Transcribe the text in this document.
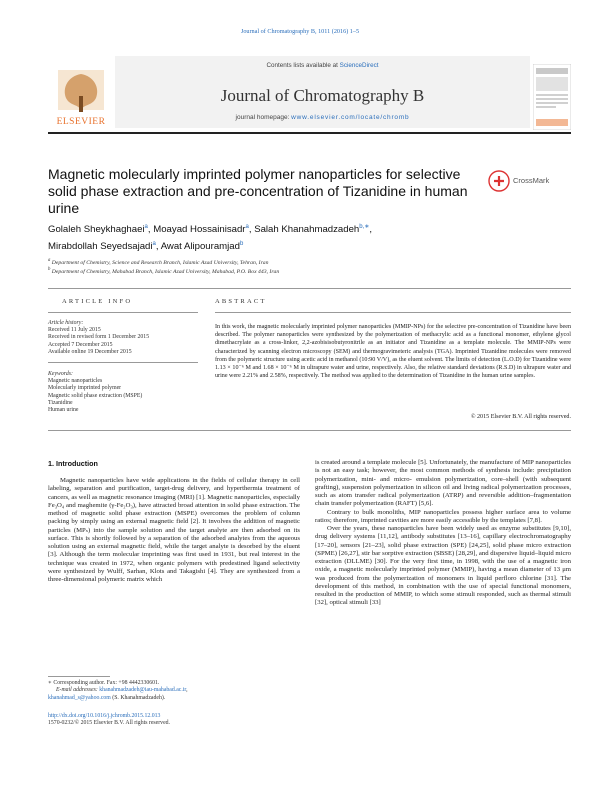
Journal of Chromatography B, 1011 (2016) 1–5
ELSEVIER
Contents lists available at ScienceDirect
Journal of Chromatography B
journal homepage: www.elsevier.com/locate/chromb
Magnetic molecularly imprinted polymer nanoparticles for selective solid phase extraction and pre-concentration of Tizanidine in human urine
CrossMark
Golaleh Sheykhaghaei$^a$, Moayad Hossainisadr$^a$, Salah Khanahmadzadeh$^{b,∗}$,
Mirabdollah Seyedsajadi$^a$, Awat Alipouramjad$^b$
$^a$ Department of Chemistry, Science and Research Branch, Islamic Azad University, Tehran, Iran
$^b$ Department of Chemistry, Mahabad Branch, Islamic Azad University, Mahabad, P.O. Box 443, Iran
ARTICLE INFO	ABSTRACT
Article history:
Received 11 July 2015
Received in revised form 1 December 2015
Accepted 7 December 2015
Available online 19 December 2015
Keywords:
Magnetic nanoparticles
Molecularly imprinted polymer
Magnetic solid phase extraction (MSPE)
Tizanidine
Human urine
In this work, the magnetic molecularly imprinted polymer nanoparticles (MMIP-NPs) for the selective pre-concentration of Tizanidine have been described. The polymer nanoparticles were synthesized by the polymerization of methacrylic acid as a functional monomer, ethylene glycol dimethacrylate as a cross-linker, 2,2-azobisisobutyronitrile as an initiator and Tizanidine as a template molecule. The MMIP-NPs were characterized by scanning electron microscopy (SEM) and thermogravimeteric analysis (TGA). Imprinted Tizanidine molecules were removed from the polymeric structure using acetic acid in methanol (10:90 V/V), as the eluent solvent. The limits of detection (L.O.D) for Tizanidine were 1.13 × 10⁻⁶ M and 1.68 × 10⁻⁶ M in ultrapure water and urine, respectively. Also, the relative standard deviations (R.S.D) in ultrapure water and urine were 2.21% and 2.58%, respectively. The method was applied to the determination of Tizanidine in the human urine samples.
© 2015 Elsevier B.V. All rights reserved.
1. Introduction

Magnetic nanoparticles have wide applications in the fields of cellular therapy in cell labeling, separation and purification, target-drug delivery, and hyperthermia treatment of cancers, as well as magnetic resonance imaging (MRI) [1]. Magnetic nanoparticles, especially Fe₃O₄ and maghemite (γ-Fe₂O₃), have attracted broad attention in solid phase extraction. The method of magnetic solid phase extraction (MSPE) overcomes the problem of column packing by simply using an external magnetic field [2]. It involves the addition of magnetic particles (MPₛ) into the sample solution and the target analyte are then adsorbed on its surface. This is shortly followed by a separation of the adsorbed analytes from the aqueous solution using an external magnetic field, while the target analyte is desorbed by the eluent [3]. Although the term molecular imprinting was first used in 1931, but real interest in the technique was created in 1972, when organic polymers with predestined ligand selectivity were synthesized by Wulff, Sarhan, Klots and Takagishi [4]. They are synthesized from a three-dimensional polymeric matrix which

is created around a template molecule [5]. Unfortunately, the manufacture of MIP nanoparticles is not an easy task; however, the most common methods of synthesis include: precipitation polymerization, mini- and micro- emulsion polymerization, core–shell (with subsequent grafting), suspension polymerization in silicon oil and living radical polymerization processes, such as atom transfer radical polymerization (ATRP) and reversible addition–fragmentation chain transfer polymerization (RAFT) [5,6].

Contrary to bulk monoliths, MIP nanoparticles possess higher surface area to volume ratios; therefore, imprinted cavities are more easily accessible by the templates [7,8].

Over the years, these nanoparticles have been widely used as enzyme substitutes [9,10], drug delivery systems [11,12], antibody substitutes [13–16], capillary electrochromatography [17–20], sensors [21–23], solid phase extraction (SPE) [24,25], solid phase micro extraction (SPME) [26,27], stir bar sorptive extraction (SBSE) [28,29], and dispersive liquid–liquid micro extraction (DLLME) [30]. For the very first time, in 1998, with the use of a magnetic iron oxide, a magnetic molecularly imprinted polymer (MMIP), having a mean diameter of 13 μm was produced from the polymerization of monomers in liquid perfloro chlorine [31]. The development of this method, in combination with the use of special functional monomers, resulted in the production of MMIP, to which some stimuli responded, such as thermal stimuli [32], optical stimuli [33]

∗ Corresponding author. Fax: +98 4442330601.
E-mail addresses: khanahmadzadeh@iau-mahabad.ac.ir,
khanahmad_s@yahoo.com (S. Khanahmadzadeh).
http://dx.doi.org/10.1016/j.jchromb.2015.12.013
1570-0232/© 2015 Elsevier B.V. All rights reserved.
